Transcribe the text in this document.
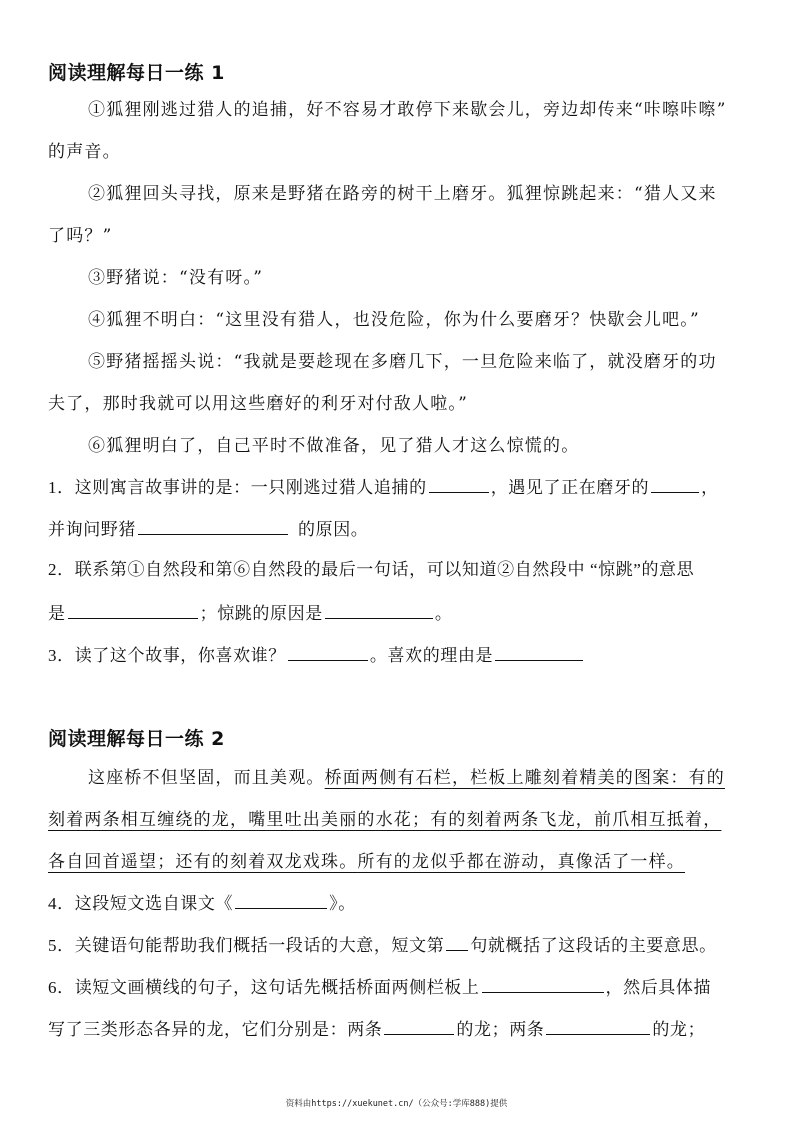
阅读理解每日一练 1
①狐狸刚逃过猎人的追捕，好不容易才敢停下来歇会儿，旁边却传来“咔嚓咔嚓”
的声音。
②狐狸回头寻找，原来是野猪在路旁的树干上磨牙。狐狸惊跳起来：“猎人又来
了吗？”
③野猪说：“没有呀。”
④狐狸不明白：“这里没有猎人，也没危险，你为什么要磨牙？快歇会儿吧。”
⑤野猪摇摇头说：“我就是要趁现在多磨几下，一旦危险来临了，就没磨牙的功
夫了，那时我就可以用这些磨好的利牙对付敌人啦。”
⑥狐狸明白了，自己平时不做准备，见了猎人才这么惊慌的。
1．这则寓言故事讲的是：一只刚逃过猎人追捕的	，遇见了正在磨牙的	，
并询问野猪	的原因。
2．联系第①自然段和第⑥自然段的最后一句话，可以知道②自然段中 “惊跳”的意思
是	；惊跳的原因是	。
3．读了这个故事，你喜欢谁？	。喜欢的理由是
阅读理解每日一练 2
这座桥不但坚固，而且美观。桥面两侧有石栏，栏板上雕刻着精美的图案：有的
刻着两条相互缠绕的龙，嘴里吐出美丽的水花；有的刻着两条飞龙，前爪相互抵着，
各自回首遥望；还有的刻着双龙戏珠。所有的龙似乎都在游动，真像活了一样。
4．这段短文选自课文《	》。
5．关键语句能帮助我们概括一段话的大意，短文第 句就概括了这段话的主要意思。
6．读短文画横线的句子，这句话先概括桥面两侧栏板上	，然后具体描
写了三类形态各异的龙，它们分别是：两条	的龙；两条	的龙；
资料由https://xuekunet.cn/（公众号:学库888)提供
